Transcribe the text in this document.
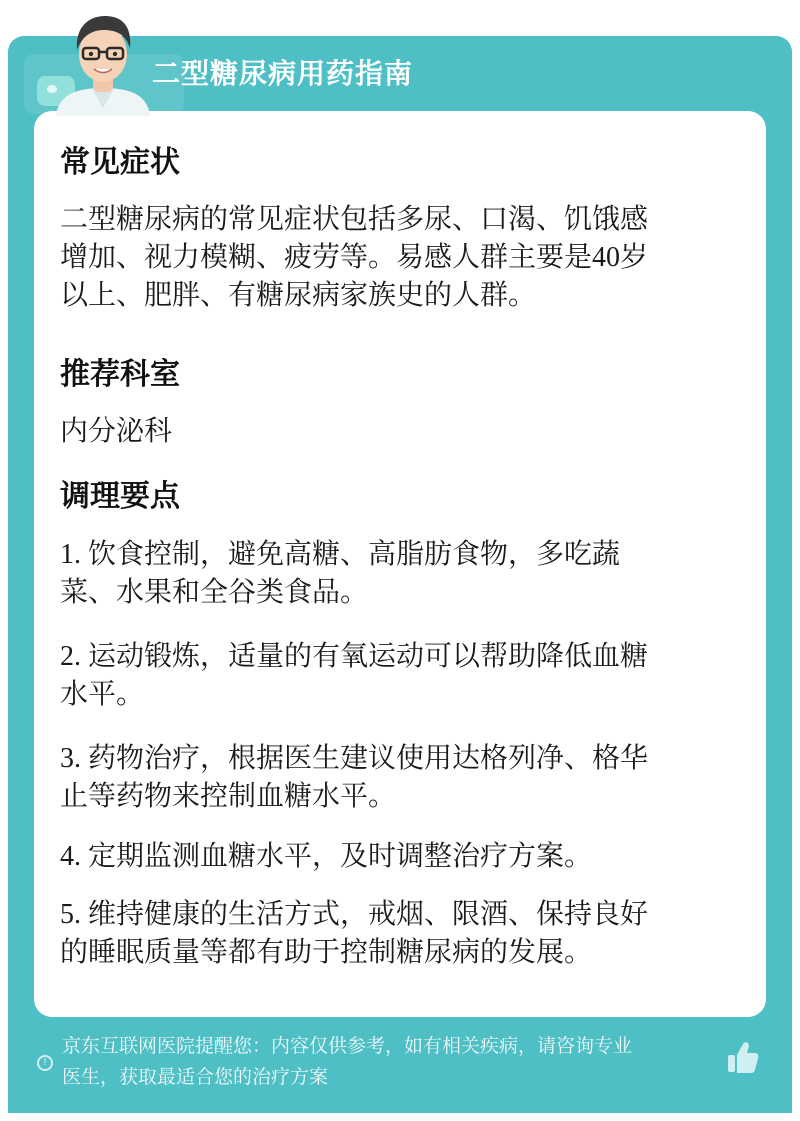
二型糖尿病用药指南
常见症状
二型糖尿病的常见症状包括多尿、口渴、饥饿感
增加、视力模糊、疲劳等。易感人群主要是40岁
以上、肥胖、有糖尿病家族史的人群。
推荐科室
内分泌科
调理要点
1. 饮食控制，避免高糖、高脂肪食物，多吃蔬
菜、水果和全谷类食品。
2. 运动锻炼，适量的有氧运动可以帮助降低血糖
水平。
3. 药物治疗，根据医生建议使用达格列净、格华
止等药物来控制血糖水平。
4. 定期监测血糖水平，及时调整治疗方案。
5. 维持健康的生活方式，戒烟、限酒、保持良好
的睡眠质量等都有助于控制糖尿病的发展。
!
京东互联网医院提醒您：内容仅供参考，如有相关疾病，请咨询专业
医生，获取最适合您的治疗方案
